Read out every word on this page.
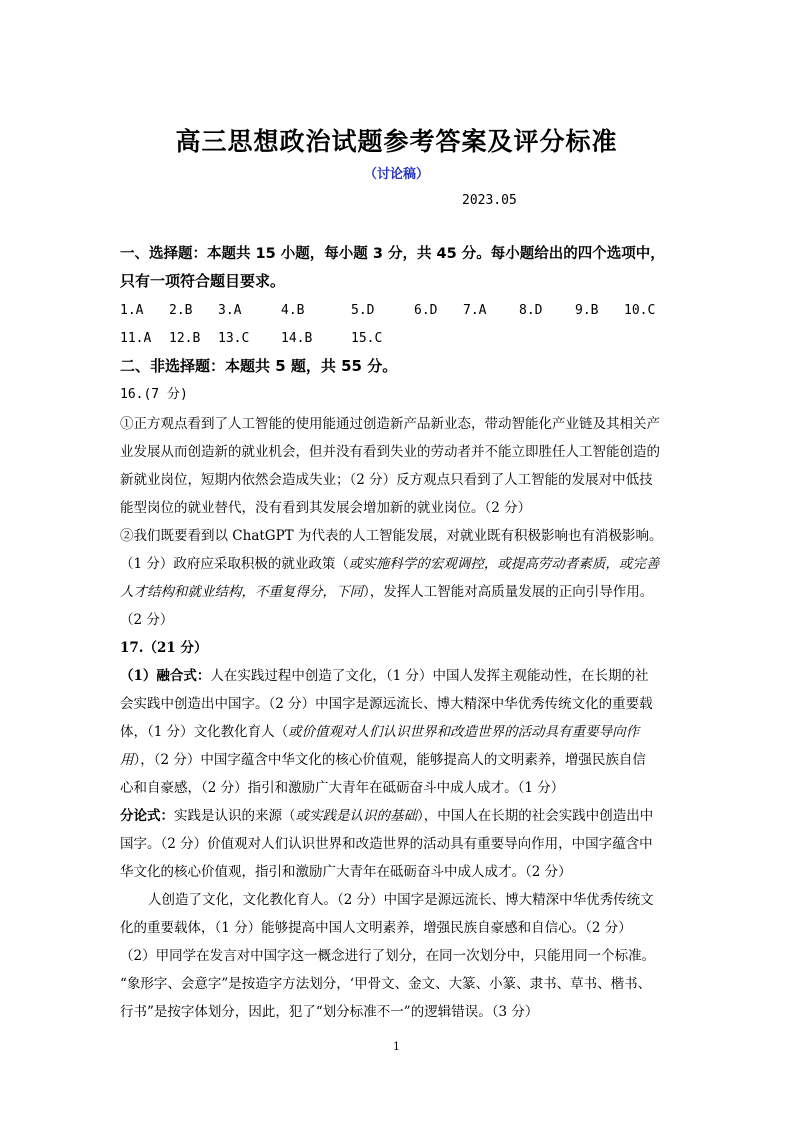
高三思想政治试题参考答案及评分标准
（讨论稿）
2023.05
一、选择题：本题共 15 小题，每小题 3 分，共 45 分。每小题给出的四个选项中，
只有一项符合题目要求。
1.A 2.B 3.A	4.B	5.D	6.D 7.A	8.D	9.B 10.C
11.A 12.B 13.C 14.B	15.C
二、非选择题：本题共 5 题，共 55 分。
16.(7 分)
①正方观点看到了人工智能的使用能通过创造新产品新业态，带动智能化产业链及其相关产
业发展从而创造新的就业机会，但并没有看到失业的劳动者并不能立即胜任人工智能创造的
新就业岗位，短期内依然会造成失业；（2 分）反方观点只看到了人工智能的发展对中低技
能型岗位的就业替代，没有看到其发展会增加新的就业岗位。（2 分）
②我们既要看到以 ChatGPT 为代表的人工智能发展，对就业既有积极影响也有消极影响。
（1 分）政府应采取积极的就业政策（或实施科学的宏观调控，或提高劳动者素质，或完善
人才结构和就业结构，不重复得分，下同），发挥人工智能对高质量发展的正向引导作用。
（2 分）
17.（21 分）
（1）融合式：人在实践过程中创造了文化，（1 分）中国人发挥主观能动性，在长期的社
会实践中创造出中国字。（2 分）中国字是源远流长、博大精深中华优秀传统文化的重要载
体，（1 分）文化教化育人（或价值观对人们认识世界和改造世界的活动具有重要导向作
用），（2 分）中国字蕴含中华文化的核心价值观，能够提高人的文明素养，增强民族自信
心和自豪感，（2 分）指引和激励广大青年在砥砺奋斗中成人成才。（1 分）
分论式：实践是认识的来源（或实践是认识的基础），中国人在长期的社会实践中创造出中
国字。（2 分）价值观对人们认识世界和改造世界的活动具有重要导向作用，中国字蕴含中
华文化的核心价值观，指引和激励广大青年在砥砺奋斗中成人成才。（2 分）
人创造了文化，文化教化育人。（2 分）中国字是源远流长、博大精深中华优秀传统文
化的重要载体，（1 分）能够提高中国人文明素养，增强民族自豪感和自信心。（2 分）
（2）甲同学在发言对中国字这一概念进行了划分，在同一次划分中，只能用同一个标准。
“象形字、会意字”是按造字方法划分，‘甲骨文、金文、大篆、小篆、隶书、草书、楷书、
行书”是按字体划分，因此，犯了“划分标准不一”的逻辑错误。（3 分）
1
